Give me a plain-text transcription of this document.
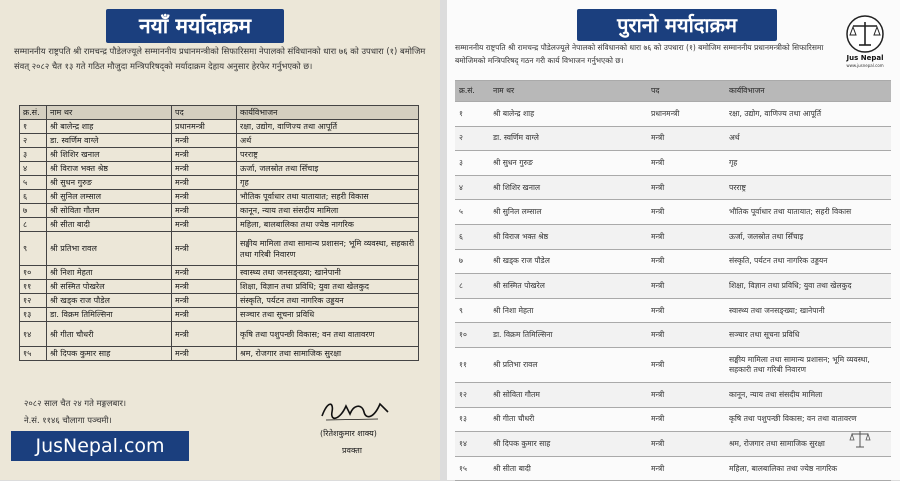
नयाँ मर्यादाक्रम
सम्माननीय राष्ट्रपति श्री रामचन्द्र पौडेलज्यूले सम्माननीय प्रधानमन्त्रीको सिफारिसमा नेपालको संविधानको धारा ७६ को उपधारा (१) बमोजिम संवत् २०८२ चैत १३ गते गठित मौजुदा मन्त्रिपरिषद्को मर्यादाक्रम देहाय अनुसार हेरफेर गर्नुभएको छ।
क्र.सं.	नाम थर	पद	कार्यविभाजन
१	श्री बालेन्द्र शाह	प्रधानमन्त्री	रक्षा, उद्योग, वाणिज्य तथा आपूर्ति
२	डा. स्वर्णिम वाग्ले	मन्त्री	अर्थ
३	श्री शिशिर खनाल	मन्त्री	परराष्ट्र
४	श्री विराज भक्त श्रेष्ठ	मन्त्री	ऊर्जा, जलस्रोत तथा सिँचाइ
५	श्री सुधन गुरुङ	मन्त्री	गृह
६	श्री सुनिल लम्साल	मन्त्री	भौतिक पूर्वाधार तथा यातायात; सहरी विकास
७	श्री सोविता गौतम	मन्त्री	कानून, न्याय तथा संसदीय मामिला
८	श्री सीता बादी	मन्त्री	महिला, बालबालिका तथा ज्येष्ठ नागरिक
९	श्री प्रतिभा रावल	मन्त्री	सङ्घीय मामिला तथा सामान्य प्रशासन; भूमि व्यवस्था, सहकारी तथा गरिबी निवारण
१०	श्री निशा मेहता	मन्त्री	स्वास्थ्य तथा जनसङ्ख्या; खानेपानी
११	श्री सस्मित पोखरेल	मन्त्री	शिक्षा, विज्ञान तथा प्रविधि; युवा तथा खेलकुद
१२	श्री खड्क राज पौडेल	मन्त्री	संस्कृति, पर्यटन तथा नागरिक उड्डयन
१३	डा. विक्रम तिमिल्सिना	मन्त्री	सञ्चार तथा सूचना प्रविधि
१४	श्री गीता चौधरी	मन्त्री	कृषि तथा पशुपन्छी विकास; वन तथा वातावरण
१५	श्री दिपक कुमार साह	मन्त्री	श्रम, रोजगार तथा सामाजिक सुरक्षा
२०८२ साल चैत २४ गते मङ्गलबार।
ने.सं. ११४६ चौलागा पञ्चमी।
(रितेशकुमार शाक्य)
प्रवक्ता
JusNepal.com
पुरानो मर्यादाक्रम
सम्माननीय राष्ट्रपति श्री रामचन्द्र पौडेलज्यूले नेपालको संविधानको धारा ७६ को उपधारा (१) बमोजिम सम्माननीय प्रधानमन्त्रीको सिफारिसमा बमोजिमको मन्त्रिपरिषद् गठन गरी कार्य विभाजन गर्नुभएको छ।
क्र.सं.	नाम थर	पद	कार्यविभाजन
१	श्री बालेन्द्र शाह	प्रधानमन्त्री	रक्षा, उद्योग, वाणिज्य तथा आपूर्ति
२	डा. स्वर्णिम वाग्ले	मन्त्री	अर्थ
३	श्री सुधन गुरुङ	मन्त्री	गृह
४	श्री शिशिर खनाल	मन्त्री	परराष्ट्र
५	श्री सुनिल लम्साल	मन्त्री	भौतिक पूर्वाधार तथा यातायात; सहरी विकास
६	श्री विराज भक्त श्रेष्ठ	मन्त्री	ऊर्जा, जलस्रोत तथा सिँचाइ
७	श्री खड्क राज पौडेल	मन्त्री	संस्कृति, पर्यटन तथा नागरिक उड्डयन
८	श्री सस्मित पोखरेल	मन्त्री	शिक्षा, विज्ञान तथा प्रविधि; युवा तथा खेलकुद
९	श्री निशा मेहता	मन्त्री	स्वास्थ्य तथा जनसङ्ख्या; खानेपानी
१०	डा. विक्रम तिमिल्सिना	मन्त्री	सञ्चार तथा सूचना प्रविधि
११	श्री प्रतिभा रावल	मन्त्री	सङ्घीय मामिला तथा सामान्य प्रशासन; भूमि व्यवस्था, सहकारी तथा गरिबी निवारण
१२	श्री सोविता गौतम	मन्त्री	कानून, न्याय तथा संसदीय मामिला
१३	श्री गीता चौधरी	मन्त्री	कृषि तथा पशुपन्छी विकास; वन तथा वातावरण
१४	श्री दिपक कुमार साह	मन्त्री	श्रम, रोजगार तथा सामाजिक सुरक्षा
१५	श्री सीता बादी	मन्त्री	महिला, बालबालिका तथा ज्येष्ठ नागरिक
Jus Nepal
www.jusnepal.com
